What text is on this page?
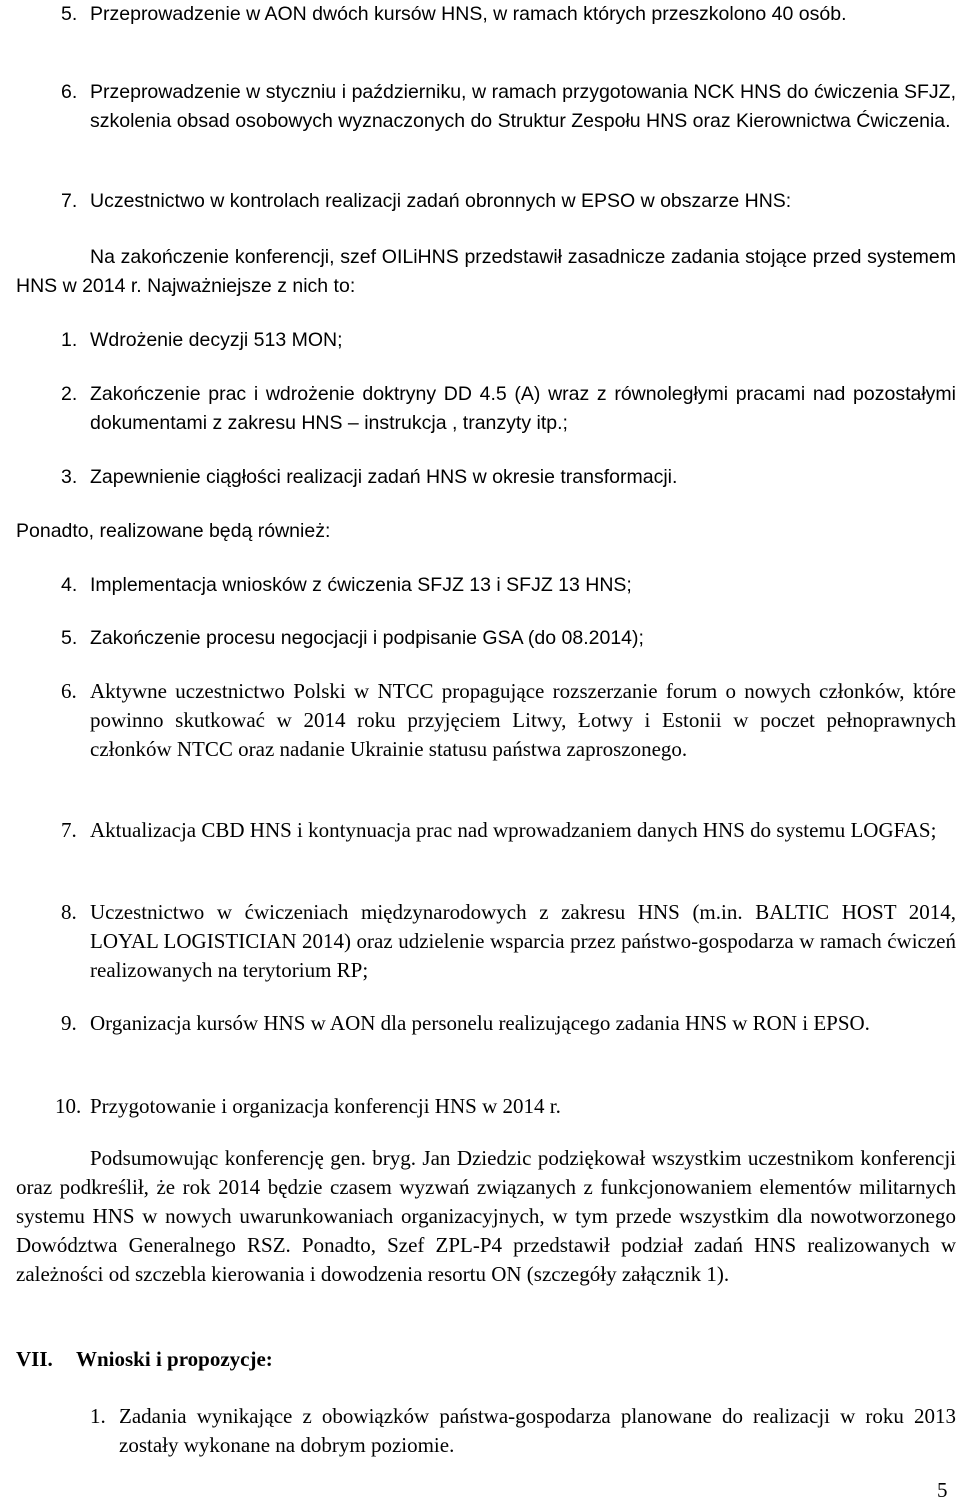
5. Przeprowadzenie w AON dwóch kursów HNS, w ramach których przeszkolono 40 osób.
6. Przeprowadzenie w styczniu i październiku, w ramach przygotowania NCK HNS do ćwiczenia SFJZ, szkolenia obsad osobowych wyznaczonych do Struktur Zespołu HNS oraz Kierownictwa Ćwiczenia.
7. Uczestnictwo w kontrolach realizacji zadań obronnych w EPSO w obszarze HNS:
Na zakończenie konferencji, szef OILiHNS przedstawił zasadnicze zadania stojące przed systemem HNS w 2014 r. Najważniejsze z nich to:
1. Wdrożenie decyzji 513 MON;
2. Zakończenie prac i wdrożenie doktryny DD 4.5 (A) wraz z równoległymi pracami nad pozostałymi dokumentami z zakresu HNS – instrukcja , tranzyty itp.;
3. Zapewnienie ciągłości realizacji zadań HNS w okresie transformacji.
Ponadto, realizowane będą również:
4. Implementacja wniosków z ćwiczenia SFJZ 13 i SFJZ 13 HNS;
5. Zakończenie procesu negocjacji i podpisanie GSA (do 08.2014);
6. Aktywne uczestnictwo Polski w NTCC propagujące rozszerzanie forum o nowych członków, które powinno skutkować w 2014 roku przyjęciem Litwy, Łotwy i Estonii w poczet pełnoprawnych członków NTCC oraz nadanie Ukrainie statusu państwa zaproszonego.
7. Aktualizacja CBD HNS i kontynuacja prac nad wprowadzaniem danych HNS do systemu LOGFAS;
8. Uczestnictwo w ćwiczeniach międzynarodowych z zakresu HNS (m.in. BALTIC HOST 2014, LOYAL LOGISTICIAN 2014) oraz udzielenie wsparcia przez państwo-gospodarza w ramach ćwiczeń realizowanych na terytorium RP;
9. Organizacja kursów HNS w AON dla personelu realizującego zadania HNS w RON i EPSO.
10. Przygotowanie i organizacja konferencji HNS w 2014 r.
Podsumowując konferencję gen. bryg. Jan Dziedzic podziękował wszystkim uczestnikom konferencji oraz podkreślił, że rok 2014 będzie czasem wyzwań związanych z funkcjonowaniem elementów militarnych systemu HNS w nowych uwarunkowaniach organizacyjnych, w tym przede wszystkim dla nowotworzonego Dowództwa Generalnego RSZ. Ponadto, Szef ZPL-P4 przedstawił podział zadań HNS realizowanych w zależności od szczebla kierowania i dowodzenia resortu ON (szczegóły załącznik 1).
VII. Wnioski i propozycje:
1. Zadania wynikające z obowiązków państwa-gospodarza planowane do realizacji w roku 2013 zostały wykonane na dobrym poziomie.
5
